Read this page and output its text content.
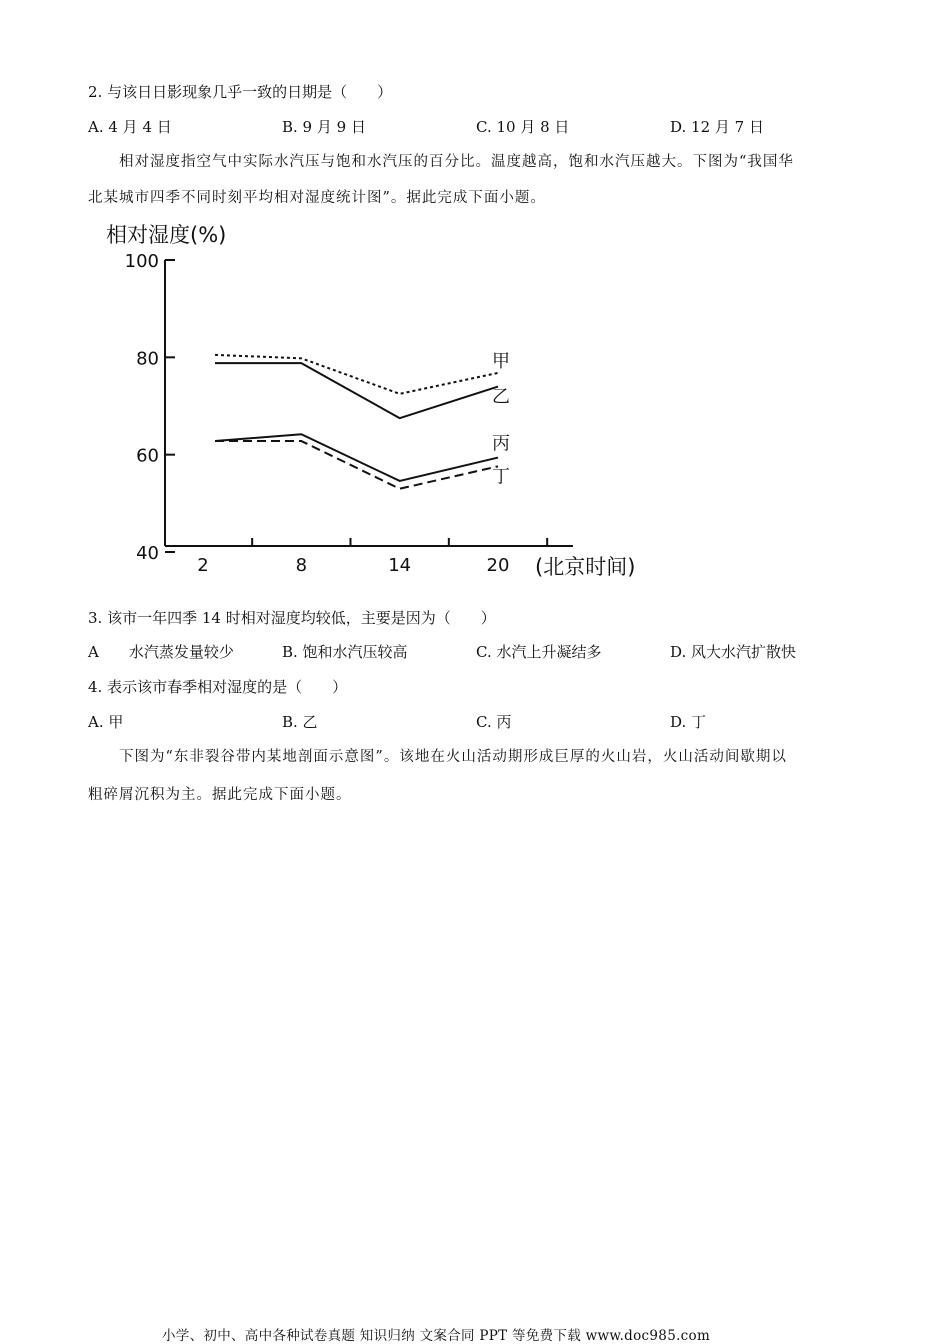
2. 与该日日影现象几乎一致的日期是（　　）
A. 4 月 4 日	B. 9 月 9 日	C. 10 月 8 日	D. 12 月 7 日
相对湿度指空气中实际水汽压与饱和水汽压的百分比。温度越高，饱和水汽压越大。下图为“我国华
北某城市四季不同时刻平均相对湿度统计图”。据此完成下面小题。
相对湿度(%)
40
60
80
100
2	8	14	20 (北京时间)
甲
乙
丙
丁
3. 该市一年四季 14 时相对湿度均较低，主要是因为（　　）
A　　水汽蒸发量较少	B. 饱和水汽压较高	C. 水汽上升凝结多	D. 风大水汽扩散快
4. 表示该市春季相对湿度的是（　　）
A. 甲	B. 乙	C. 丙	D. 丁
下图为“东非裂谷带内某地剖面示意图”。该地在火山活动期形成巨厚的火山岩，火山活动间歇期以
粗碎屑沉积为主。据此完成下面小题。
小学、初中、高中各种试卷真题 知识归纳 文案合同 PPT 等免费下载 www.doc985.com
